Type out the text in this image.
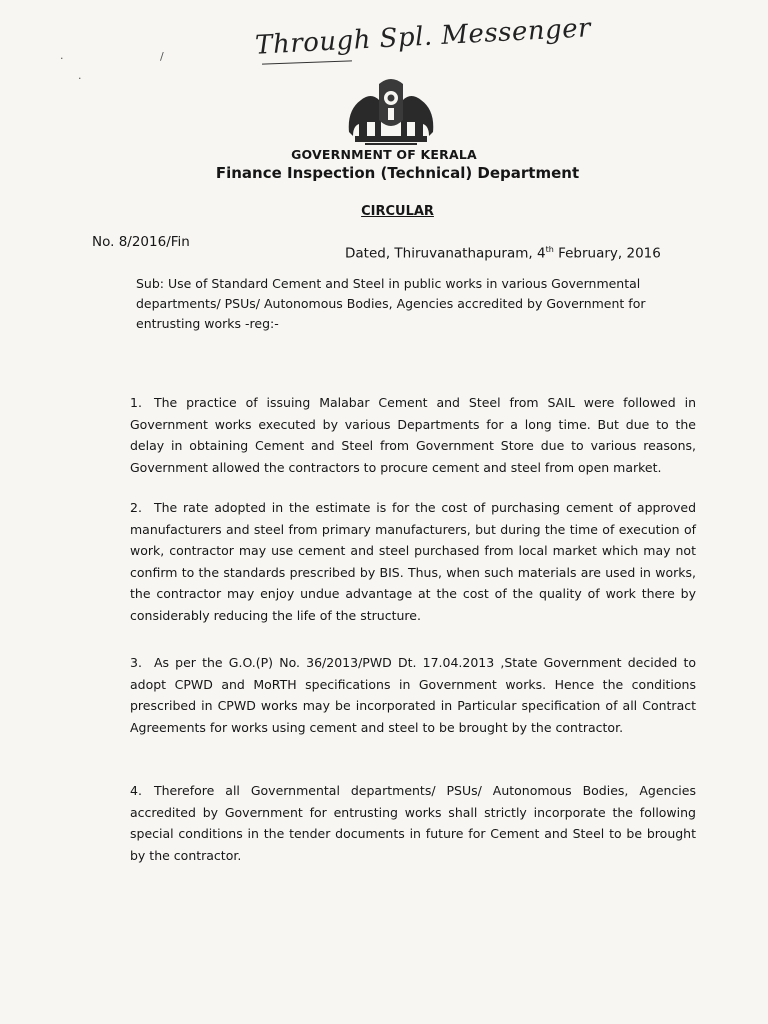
Through Spl. Messenger
GOVERNMENT OF KERALA
Finance Inspection (Technical) Department
CIRCULAR
No. 8/2016/Fin
Dated, Thiruvanathapuram, 4th February, 2016

Sub: Use of Standard Cement and Steel in public works in various Governmental departments/ PSUs/ Autonomous Bodies, Agencies accredited by Government for entrusting works -reg:-

1. The practice of issuing Malabar Cement and Steel from SAIL were followed in Government works executed by various Departments for a long time. But due to the delay in obtaining Cement and Steel from Government Store due to various reasons, Government allowed the contractors to procure cement and steel from open market.

2. The rate adopted in the estimate is for the cost of purchasing cement of approved manufacturers and steel from primary manufacturers, but during the time of execution of work, contractor may use cement and steel purchased from local market which may not confirm to the standards prescribed by BIS. Thus, when such materials are used in works, the contractor may enjoy undue advantage at the cost of the quality of work there by considerably reducing the life of the structure.

3. As per the G.O.(P) No. 36/2013/PWD Dt. 17.04.2013 ,State Government decided to adopt CPWD and MoRTH specifications in Government works. Hence the conditions prescribed in CPWD works may be incorporated in Particular specification of all Contract Agreements for works using cement and steel to be brought by the contractor.

4. Therefore all Governmental departments/ PSUs/ Autonomous Bodies, Agencies accredited by Government for entrusting works shall strictly incorporate the following special conditions in the tender documents in future for Cement and Steel to be brought by the contractor.

·	/
·
